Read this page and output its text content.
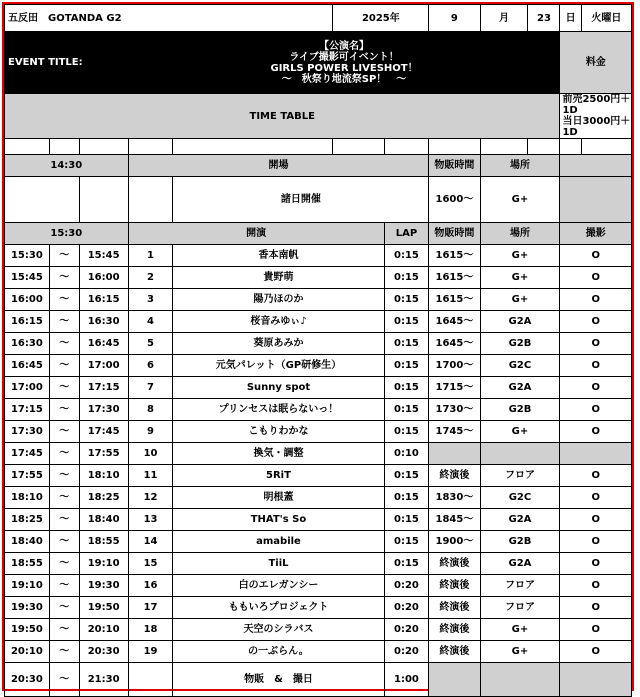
五反田　GOTANDA G2					2025年		9	月	23	日	火曜日
EVENT TITLE:			【公演名】
ライブ撮影可イベント！
GIRLS POWER LIVESHOT！
〜　秋祭り地流祭SP！　〜							料金	
TIME TABLE										前売2500円＋1D
当日3000円＋1D	

14:30			開場				物販時間	場所			
				諸日開催			1600〜	G+			
15:30			開演			LAP	物販時間	場所		撮影	
15:30	〜	15:45	1	香本南帆		0:15	1615〜	G+		O	
15:45	〜	16:00	2	貴野萌		0:15	1615〜	G+		O	
16:00	〜	16:15	3	陽乃ほのか		0:15	1615〜	G+		O	
16:15	〜	16:30	4	桜音みゆぃ♪		0:15	1645〜	G2A		O	
16:30	〜	16:45	5	葵原あみか		0:15	1645〜	G2B		O	
16:45	〜	17:00	6	元気パレット（GP研修生）		0:15	1700〜	G2C		O	
17:00	〜	17:15	7	Sunny spot		0:15	1715〜	G2A		O	
17:15	〜	17:30	8	プリンセスは眠らないっ！		0:15	1730〜	G2B		O	
17:30	〜	17:45	9	こもりわかな		0:15	1745〜	G+		O	
17:45	〜	17:55	10	換気・調整		0:10					
17:55	〜	18:10	11	5RiT		0:15	終演後	フロア		O	
18:10	〜	18:25	12	明根蓋		0:15	1830〜	G2C		O	
18:25	〜	18:40	13	THAT's So		0:15	1845〜	G2A		O	
18:40	〜	18:55	14	amabile		0:15	1900〜	G2B		O	
18:55	〜	19:10	15	TiiL		0:15	終演後	G2A		O	
19:10	〜	19:30	16	白のエレガンシー		0:20	終演後	フロア		O	
19:30	〜	19:50	17	ももいろプロジェクト		0:20	終演後	フロア		O	
19:50	〜	20:10	18	天空のシラバス		0:20	終演後	G+		O	
20:10	〜	20:30	19	の一ぶらん。		0:20	終演後	G+		O	
20:30	〜	21:30		物販　&　撮日		1:00					
